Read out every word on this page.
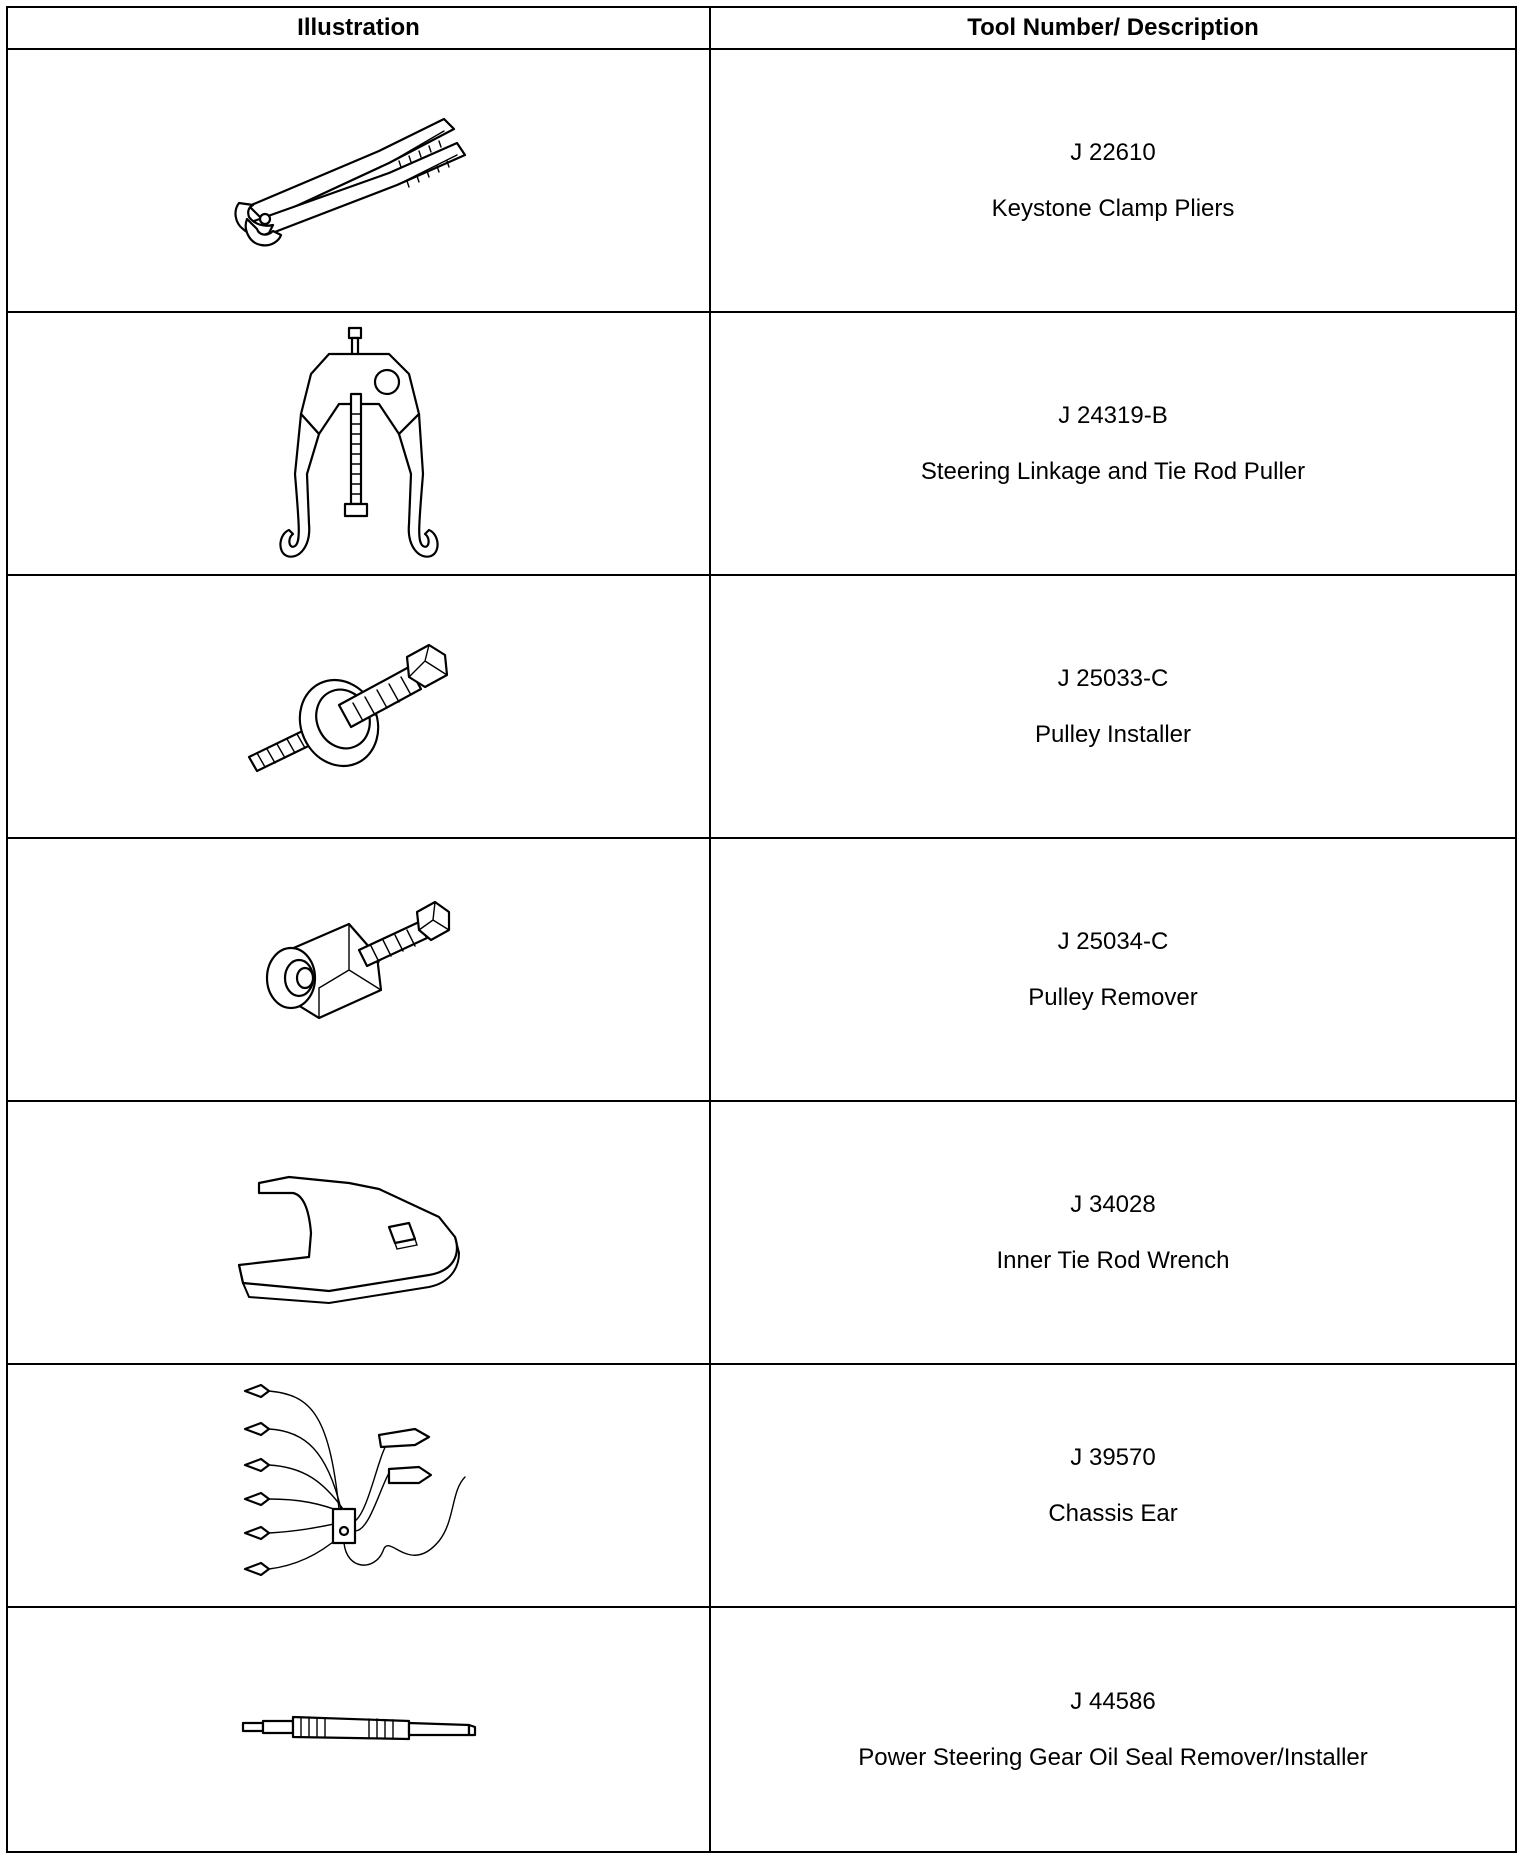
Illustration	Tool Number/ Description

J 22610
Keystone Clamp Pliers

J 24319-B
Steering Linkage and Tie Rod Puller

J 25033-C
Pulley Installer

J 25034-C
Pulley Remover

J 34028
Inner Tie Rod Wrench

J 39570
Chassis Ear

J 44586
Power Steering Gear Oil Seal Remover/Installer
